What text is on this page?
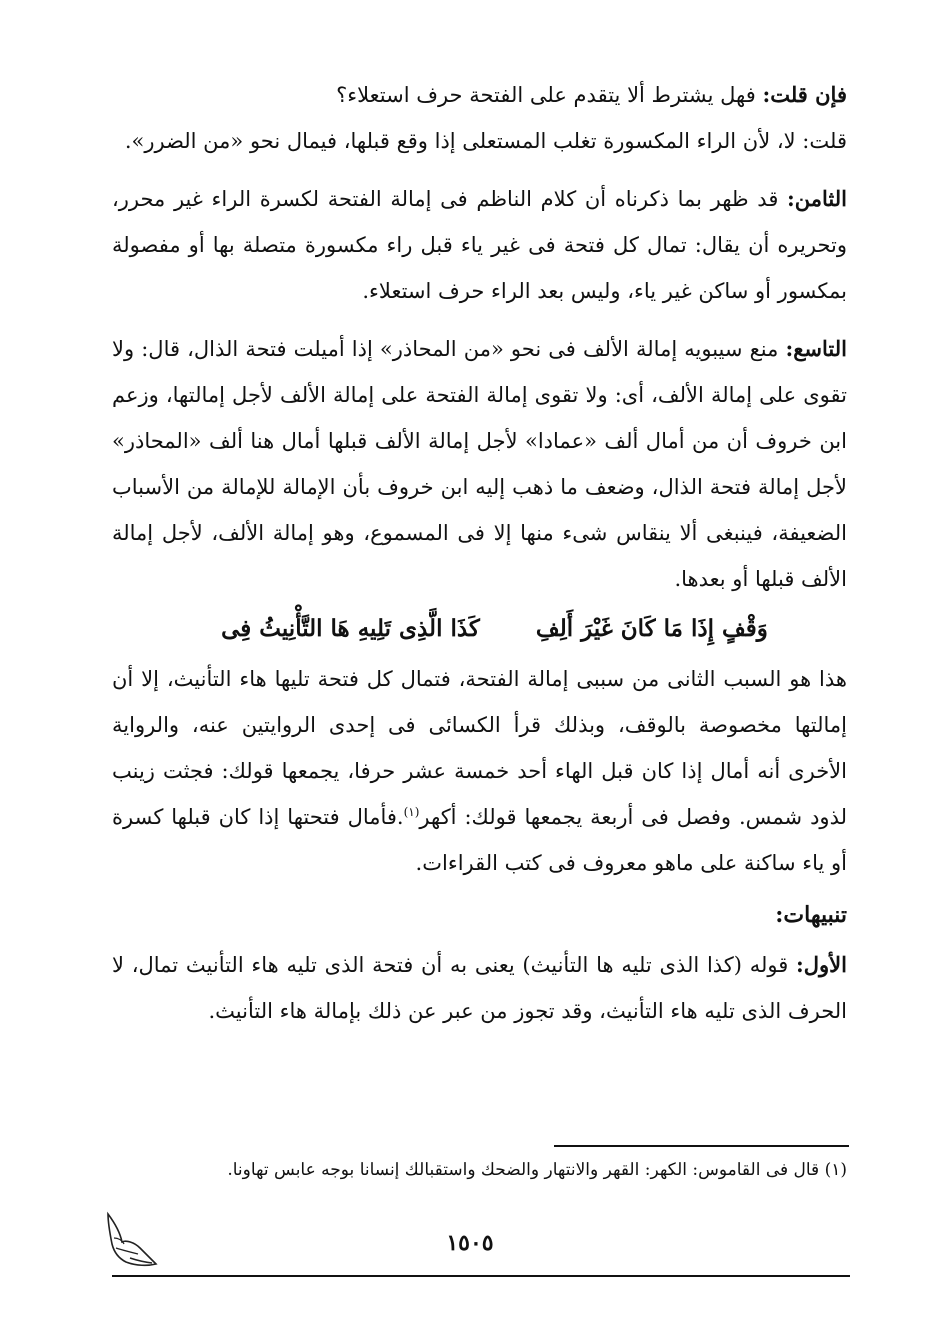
فإن قلت: فهل يشترط ألا يتقدم على الفتحة حرف استعلاء؟

قلت: لا، لأن الراء المكسورة تغلب المستعلى إذا وقع قبلها، فيمال نحو «من الضرر».

الثامن: قد ظهر بما ذكرناه أن كلام الناظم فى إمالة الفتحة لكسرة الراء غير محرر، وتحريره أن يقال: تمال كل فتحة فى غير ياء قبل راء مكسورة متصلة بها أو مفصولة بمكسور أو ساكن غير ياء، وليس بعد الراء حرف استعلاء.

التاسع: منع سيبويه إمالة الألف فى نحو «من المحاذر» إذا أميلت فتحة الذال، قال: ولا تقوى على إمالة الألف، أى: ولا تقوى إمالة الفتحة على إمالة الألف لأجل إمالتها، وزعم ابن خروف أن من أمال ألف «عمادا» لأجل إمالة الألف قبلها أمال هنا ألف «المحاذر» لأجل إمالة فتحة الذال، وضعف ما ذهب إليه ابن خروف بأن الإمالة للإمالة من الأسباب الضعيفة، فينبغى ألا ينقاس شىء منها إلا فى المسموع، وهو إمالة الألف، لأجل إمالة الألف قبلها أو بعدها.

كَذَا الَّذِى تَلِيهِ هَا التَّأْنِيثُ فِى وَقْفٍ إِذَا مَا كَانَ غَيْرَ أَلِفِ

هذا هو السبب الثانى من سببى إمالة الفتحة، فتمال كل فتحة تليها هاء التأنيث، إلا أن إمالتها مخصوصة بالوقف، وبذلك قرأ الكسائى فى إحدى الروايتين عنه، والرواية الأخرى أنه أمال إذا كان قبل الهاء أحد خمسة عشر حرفا، يجمعها قولك: فجثت زينب لذود شمس. وفصل فى أربعة يجمعها قولك: أكهر$^{(١)}$.فأمال فتحتها إذا كان قبلها كسرة أو ياء ساكنة على ماهو معروف فى كتب القراءات.

تنبيهات:

الأول: قوله (كذا الذى تليه ها التأنيث) يعنى به أن فتحة الذى تليه هاء التأنيث تمال، لا الحرف الذى تليه هاء التأنيث، وقد تجوز من عبر عن ذلك بإمالة هاء التأنيث.

(١) قال فى القاموس: الكهر: القهر والانتهار والضحك واستقبالك إنسانا بوجه عابس تهاونا.
١٥٠٥
